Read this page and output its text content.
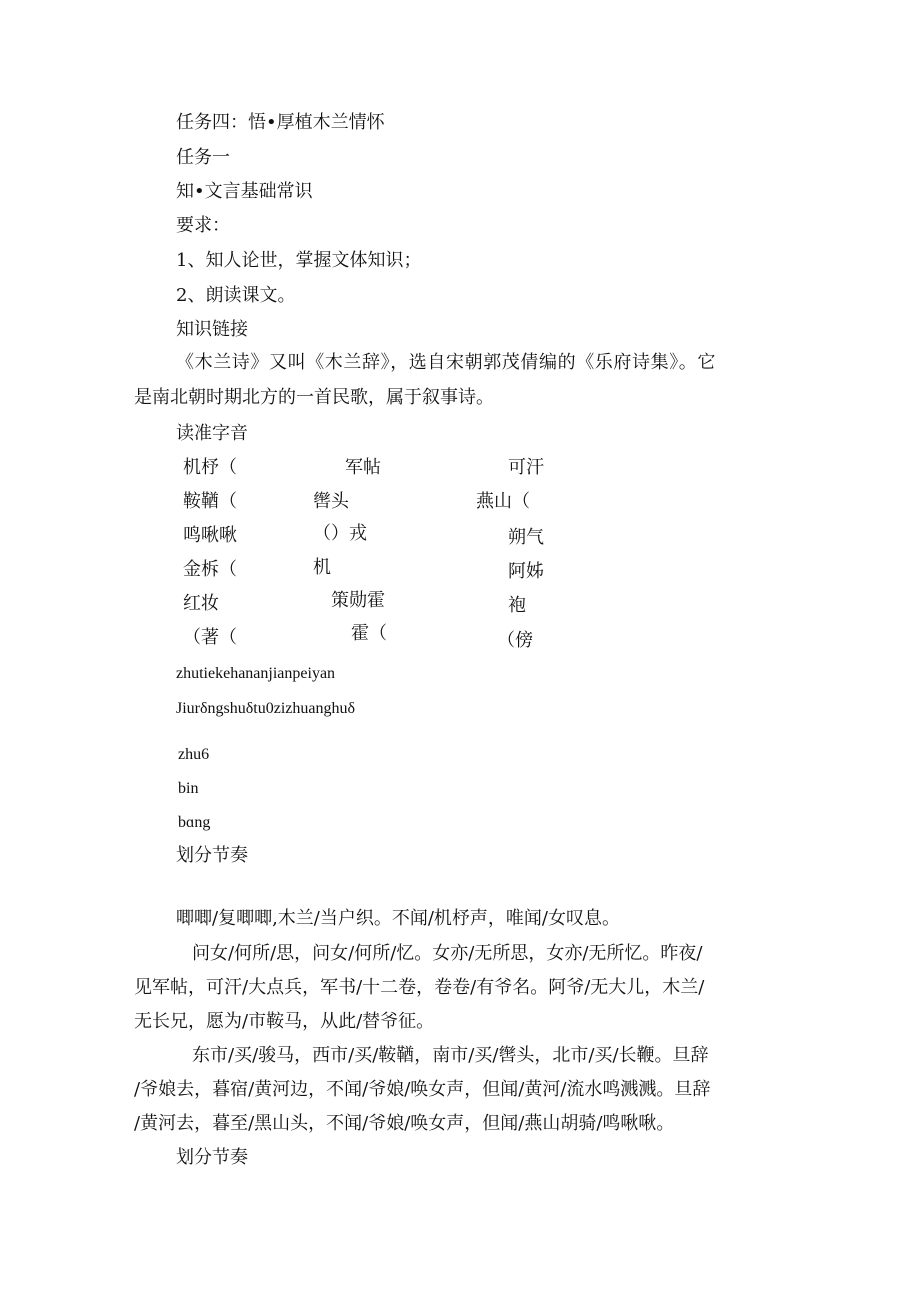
任务四：悟•厚植木兰情怀
任务一
知•文言基础常识
要求：
1、知人论世，掌握文体知识；
2、朗读课文。
知识链接
《木兰诗》又叫《木兰辞》，选自宋朝郭茂倩编的《乐府诗集》。它
是南北朝时期北方的一首民歌，属于叙事诗。
读准字音
机杼（
鞍鞧（
鸣啾啾
金柝（
红妆
（著（
军帖
辔头
（）戎
机
策勋霍
霍（
可汗
燕山（
朔气
阿姊
袍
（傍
zhutiekehananjianpeiyan
Jiurδngshuδtu0zizhuanghuδ
zhu6
bin
bɑng
划分节奏
唧唧/复唧唧,木兰/当户织。不闻/机杼声，唯闻/女叹息。
问女/何所/思，问女/何所/忆。女亦/无所思，女亦/无所忆。昨夜/
见军帖，可汗/大点兵，军书/十二卷，卷卷/有爷名。阿爷/无大儿，木兰/
无长兄，愿为/市鞍马，从此/替爷征。
东市/买/骏马，西市/买/鞍鞧，南市/买/辔头，北市/买/长鞭。旦辞
/爷娘去，暮宿/黄河边，不闻/爷娘/唤女声，但闻/黄河/流水鸣溅溅。旦辞
/黄河去，暮至/黑山头，不闻/爷娘/唤女声，但闻/燕山胡骑/鸣啾啾。
划分节奏
